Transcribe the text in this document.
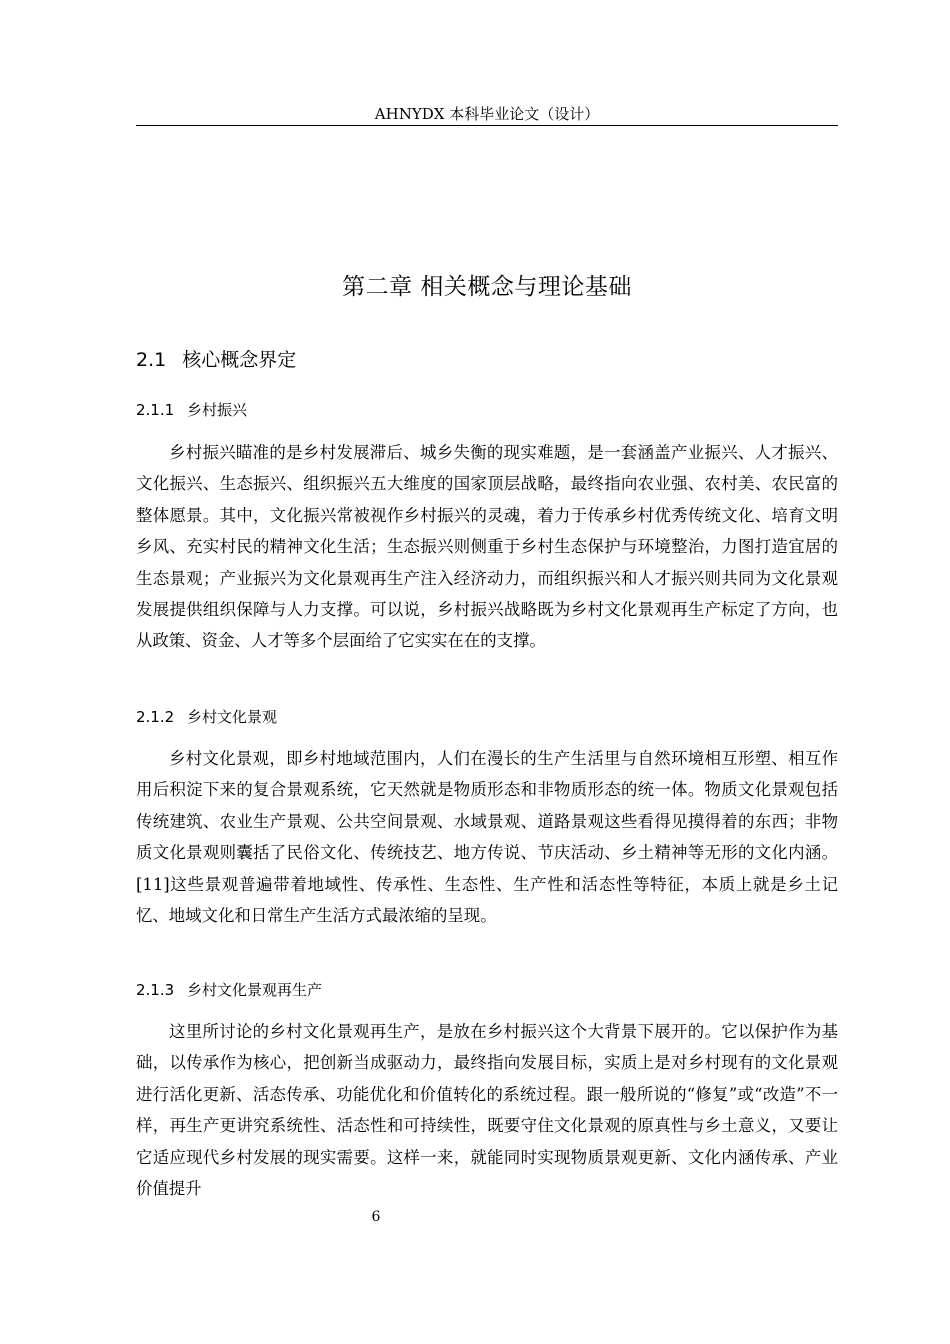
AHNYDX 本科毕业论文（设计）
第二章 相关概念与理论基础
2.1 核心概念界定
2.1.1 乡村振兴

乡村振兴瞄准的是乡村发展滞后、城乡失衡的现实难题，是一套涵盖产业振兴、人才振兴、文化振兴、生态振兴、组织振兴五大维度的国家顶层战略，最终指向农业强、农村美、农民富的整体愿景。其中，文化振兴常被视作乡村振兴的灵魂，着力于传承乡村优秀传统文化、培育文明乡风、充实村民的精神文化生活；生态振兴则侧重于乡村生态保护与环境整治，力图打造宜居的生态景观；产业振兴为文化景观再生产注入经济动力，而组织振兴和人才振兴则共同为文化景观发展提供组织保障与人力支撑。可以说，乡村振兴战略既为乡村文化景观再生产标定了方向，也从政策、资金、人才等多个层面给了它实实在在的支撑。

2.1.2 乡村文化景观

乡村文化景观，即乡村地域范围内，人们在漫长的生产生活里与自然环境相互形塑、相互作用后积淀下来的复合景观系统，它天然就是物质形态和非物质形态的统一体。物质文化景观包括传统建筑、农业生产景观、公共空间景观、水域景观、道路景观这些看得见摸得着的东西；非物质文化景观则囊括了民俗文化、传统技艺、地方传说、节庆活动、乡土精神等无形的文化内涵。[11]这些景观普遍带着地域性、传承性、生态性、生产性和活态性等特征，本质上就是乡土记忆、地域文化和日常生产生活方式最浓缩的呈现。

2.1.3 乡村文化景观再生产

这里所讨论的乡村文化景观再生产，是放在乡村振兴这个大背景下展开的。它以保护作为基础，以传承作为核心，把创新当成驱动力，最终指向发展目标，实质上是对乡村现有的文化景观进行活化更新、活态传承、功能优化和价值转化的系统过程。跟一般所说的“修复”或“改造”不一样，再生产更讲究系统性、活态性和可持续性，既要守住文化景观的原真性与乡土意义，又要让它适应现代乡村发展的现实需要。这样一来，就能同时实现物质景观更新、文化内涵传承、产业价值提升

6
